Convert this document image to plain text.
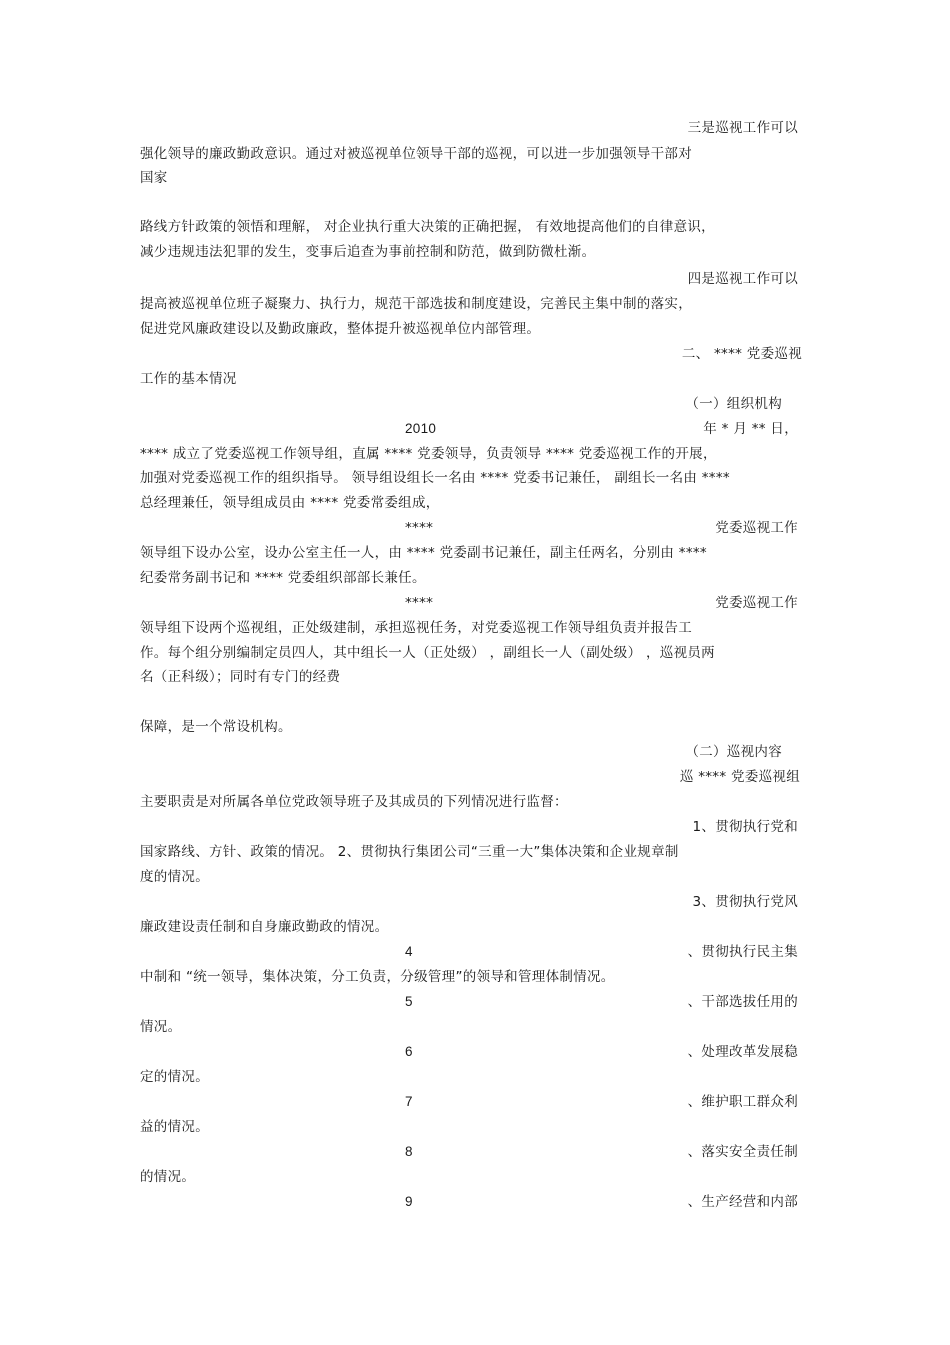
三是巡视工作可以
强化领导的廉政勤政意识。通过对被巡视单位领导干部的巡视，可以进一步加强领导干部对
国家
路线方针政策的领悟和理解， 对企业执行重大决策的正确把握， 有效地提高他们的自律意识，
减少违规违法犯罪的发生，变事后追查为事前控制和防范，做到防微杜渐。
四是巡视工作可以
提高被巡视单位班子凝聚力、执行力，规范干部选拔和制度建设，完善民主集中制的落实，
促进党风廉政建设以及勤政廉政，整体提升被巡视单位内部管理。
二、 **** 党委巡视
工作的基本情况
（一）组织机构
2010	年 * 月 ** 日，
**** 成立了党委巡视工作领导组，直属 **** 党委领导，负责领导 **** 党委巡视工作的开展，
加强对党委巡视工作的组织指导。 领导组设组长一名由 **** 党委书记兼任， 副组长一名由 ****
总经理兼任，领导组成员由 **** 党委常委组成，
****	党委巡视工作
领导组下设办公室，设办公室主任一人，由 **** 党委副书记兼任，副主任两名，分别由 ****
纪委常务副书记和 **** 党委组织部部长兼任。
****	党委巡视工作
领导组下设两个巡视组，正处级建制，承担巡视任务，对党委巡视工作领导组负责并报告工
作。每个组分别编制定员四人，其中组长一人（正处级） ，副组长一人（副处级） ，巡视员两
名（正科级）；同时有专门的经费
保障，是一个常设机构。
（二）巡视内容
巡 **** 党委巡视组
主要职责是对所属各单位党政领导班子及其成员的下列情况进行监督：
1、贯彻执行党和
国家路线、方针、政策的情况。 2、贯彻执行集团公司“三重一大”集体决策和企业规章制
度的情况。
3、贯彻执行党风
廉政建设责任制和自身廉政勤政的情况。
4	、贯彻执行民主集
中制和 “统一领导，集体决策，分工负责，分级管理”的领导和管理体制情况。
5	、干部选拔任用的
情况。
6	、处理改革发展稳
定的情况。
7	、维护职工群众利
益的情况。
8	、落实安全责任制
的情况。
9	、生产经营和内部
